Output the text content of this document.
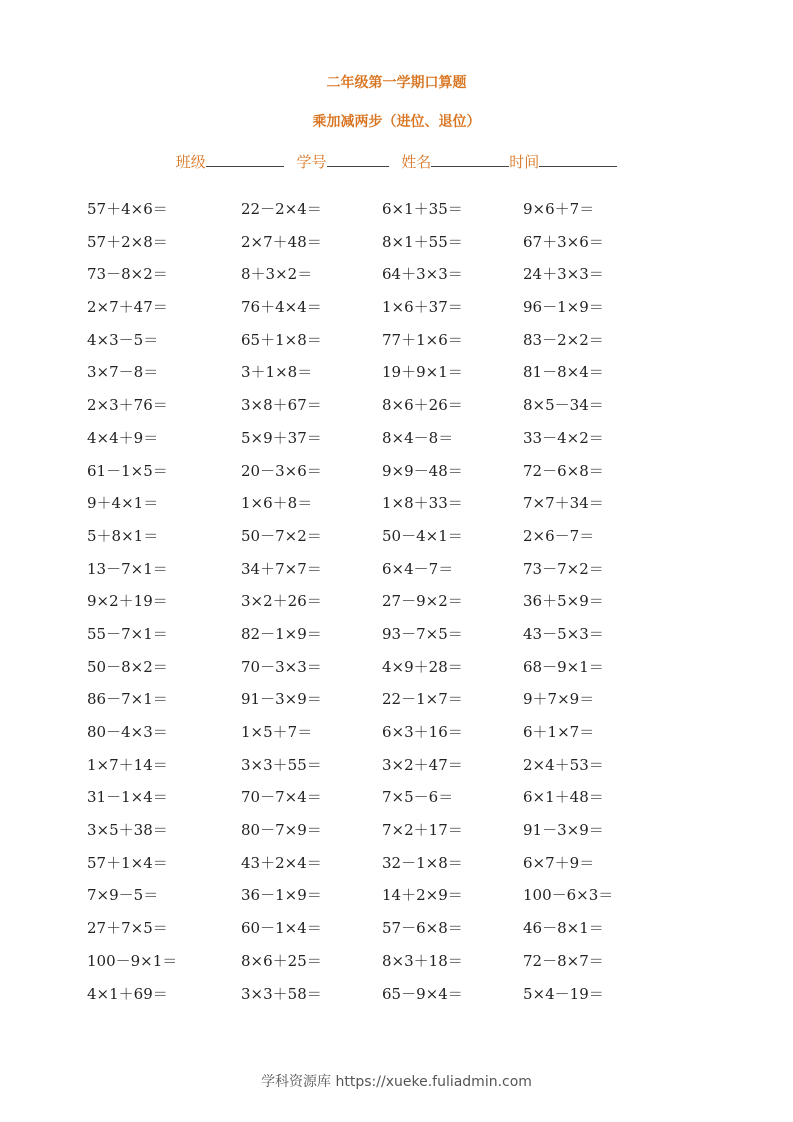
二年级第一学期口算题
乘加减两步（进位、退位）
班级	学号	姓名	时间
57＋4×6＝	22－2×4＝	6×1＋35＝	9×6＋7＝
57＋2×8＝	2×7＋48＝	8×1＋55＝	67＋3×6＝
73－8×2＝	8＋3×2＝	64＋3×3＝	24＋3×3＝
2×7＋47＝	76＋4×4＝	1×6＋37＝	96－1×9＝
4×3－5＝	65＋1×8＝	77＋1×6＝	83－2×2＝
3×7－8＝	3＋1×8＝	19＋9×1＝	81－8×4＝
2×3＋76＝	3×8＋67＝	8×6＋26＝	8×5－34＝
4×4＋9＝	5×9＋37＝	8×4－8＝	33－4×2＝
61－1×5＝	20－3×6＝	9×9－48＝	72－6×8＝
9＋4×1＝	1×6＋8＝	1×8＋33＝	7×7＋34＝
5＋8×1＝	50－7×2＝	50－4×1＝	2×6－7＝
13－7×1＝	34＋7×7＝	6×4－7＝	73－7×2＝
9×2＋19＝	3×2＋26＝	27－9×2＝	36＋5×9＝
55－7×1＝	82－1×9＝	93－7×5＝	43－5×3＝
50－8×2＝	70－3×3＝	4×9＋28＝	68－9×1＝
86－7×1＝	91－3×9＝	22－1×7＝	9＋7×9＝
80－4×3＝	1×5＋7＝	6×3＋16＝	6＋1×7＝
1×7＋14＝	3×3＋55＝	3×2＋47＝	2×4＋53＝
31－1×4＝	70－7×4＝	7×5－6＝	6×1＋48＝
3×5＋38＝	80－7×9＝	7×2＋17＝	91－3×9＝
57＋1×4＝	43＋2×4＝	32－1×8＝	6×7＋9＝
7×9－5＝	36－1×9＝	14＋2×9＝	100－6×3＝
27＋7×5＝	60－1×4＝	57－6×8＝	46－8×1＝
100－9×1＝	8×6＋25＝	8×3＋18＝	72－8×7＝
4×1＋69＝	3×3＋58＝	65－9×4＝	5×4－19＝
学科资源库 https://xueke.fuliadmin.com
